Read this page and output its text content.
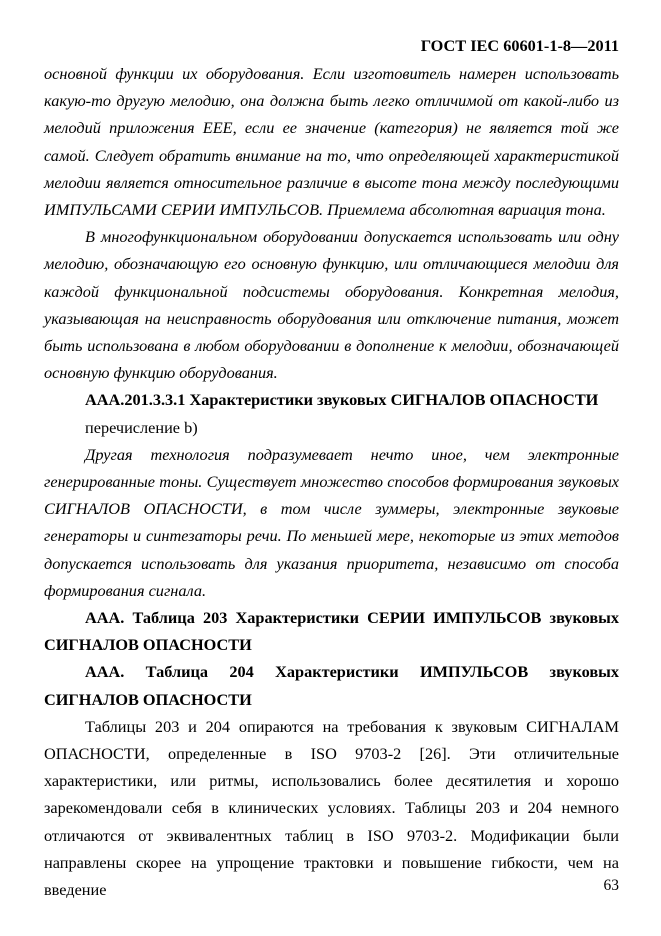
ГОСТ IEC 60601-1-8—2011

основной функции их оборудования. Если изготовитель намерен использовать какую-то другую мелодию, она должна быть легко отличимой от какой-либо из мелодий приложения ЕЕЕ, если ее значение (категория) не является той же самой. Следует обратить внимание на то, что определяющей характеристикой мелодии является относительное различие в высоте тона между последующими ИМПУЛЬСАМИ СЕРИИ ИМПУЛЬСОВ. Приемлема абсолютная вариация тона.

В многофункциональном оборудовании допускается использовать или одну мелодию, обозначающую его основную функцию, или отличающиеся мелодии для каждой функциональной подсистемы оборудования. Конкретная мелодия, указывающая на неисправность оборудования или отключение питания, может быть использована в любом оборудовании в дополнение к мелодии, обозначающей основную функцию оборудования.

ААА.201.3.3.1 Характеристики звуковых СИГНАЛОВ ОПАСНОСТИ

перечисление b)

Другая технология подразумевает нечто иное, чем электронные генерированные тоны. Существует множество способов формирования звуковых СИГНАЛОВ ОПАСНОСТИ, в том числе зуммеры, электронные звуковые генераторы и синтезаторы речи. По меньшей мере, некоторые из этих методов допускается использовать для указания приоритета, независимо от способа формирования сигнала.

ААА. Таблица 203 Характеристики СЕРИИ ИМПУЛЬСОВ звуковых СИГНАЛОВ ОПАСНОСТИ

ААА. Таблица 204 Характеристики ИМПУЛЬСОВ звуковых СИГНАЛОВ ОПАСНОСТИ

Таблицы 203 и 204 опираются на требования к звуковым СИГНАЛАМ ОПАСНОСТИ, определенные в ISO 9703-2 [26]. Эти отличительные характеристики, или ритмы, использовались более десятилетия и хорошо зарекомендовали себя в клинических условиях. Таблицы 203 и 204 немного отличаются от эквивалентных таблиц в ISO 9703-2. Модификации были направлены скорее на упрощение трактовки и повышение гибкости, чем на введение	63
